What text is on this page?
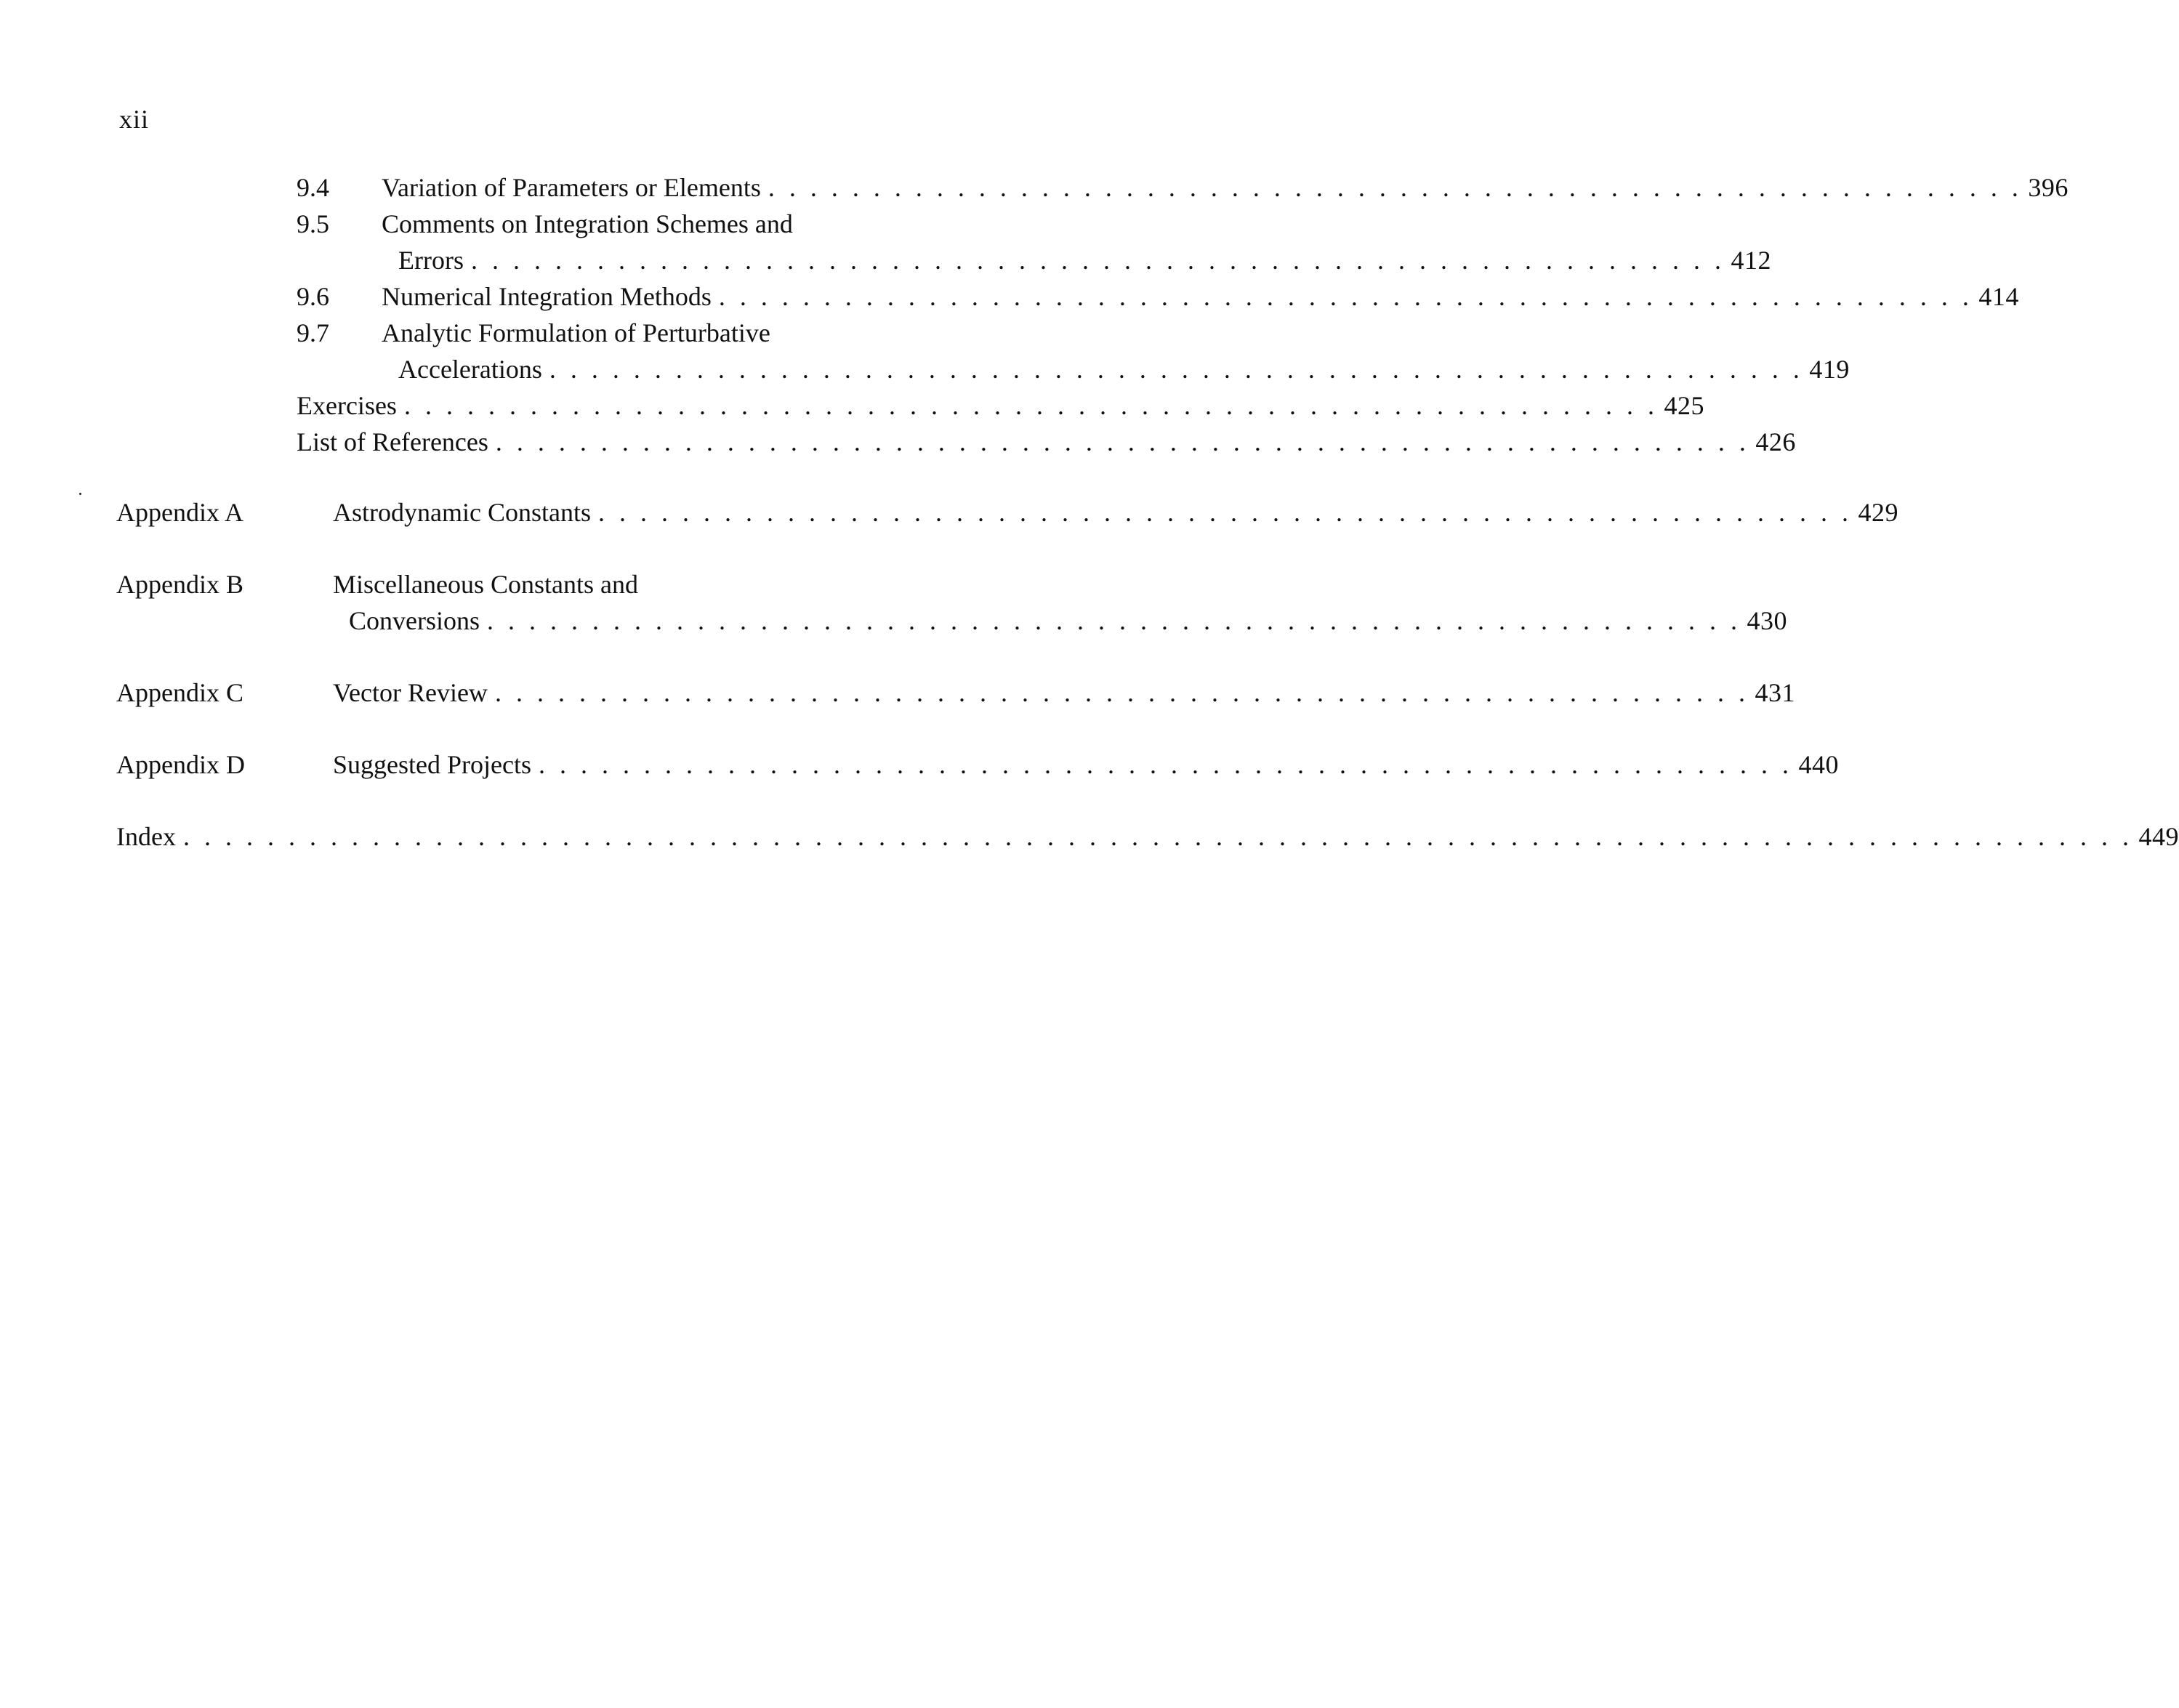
xii
9.4 Variation of Parameters or Elements . . . . . . . . . . . . . . . . . . . . . . . . . . . . . . . . . . . . . . . . . . . . . . . . . . . . . . . . . . . . 396
9.5 Comments on Integration Schemes and
Errors . . . . . . . . . . . . . . . . . . . . . . . . . . . . . . . . . . . . . . . . . . . . . . . . . . . . . . . . . . . . 412
9.6 Numerical Integration Methods . . . . . . . . . . . . . . . . . . . . . . . . . . . . . . . . . . . . . . . . . . . . . . . . . . . . . . . . . . . . 414
9.7 Analytic Formulation of Perturbative
Accelerations . . . . . . . . . . . . . . . . . . . . . . . . . . . . . . . . . . . . . . . . . . . . . . . . . . . . . . . . . . . . 419
Exercises . . . . . . . . . . . . . . . . . . . . . . . . . . . . . . . . . . . . . . . . . . . . . . . . . . . . . . . . . . . . 425
List of References . . . . . . . . . . . . . . . . . . . . . . . . . . . . . . . . . . . . . . . . . . . . . . . . . . . . . . . . . . . . 426
Appendix A	Astrodynamic Constants . . . . . . . . . . . . . . . . . . . . . . . . . . . . . . . . . . . . . . . . . . . . . . . . . . . . . . . . . . . . 429
Appendix B	Miscellaneous Constants and
Conversions . . . . . . . . . . . . . . . . . . . . . . . . . . . . . . . . . . . . . . . . . . . . . . . . . . . . . . . . . . . . 430
Appendix C	Vector Review . . . . . . . . . . . . . . . . . . . . . . . . . . . . . . . . . . . . . . . . . . . . . . . . . . . . . . . . . . . . 431
Appendix D	Suggested Projects . . . . . . . . . . . . . . . . . . . . . . . . . . . . . . . . . . . . . . . . . . . . . . . . . . . . . . . . . . . . 440
Index . . . . . . . . . . . . . . . . . . . . . . . . . . . . . . . . . . . . . . . . . . . . . . . . . . . . . . . . . . . . . . . . . . . . . . . . . . . . . . . . . . . . . . . . . . . . . 449
